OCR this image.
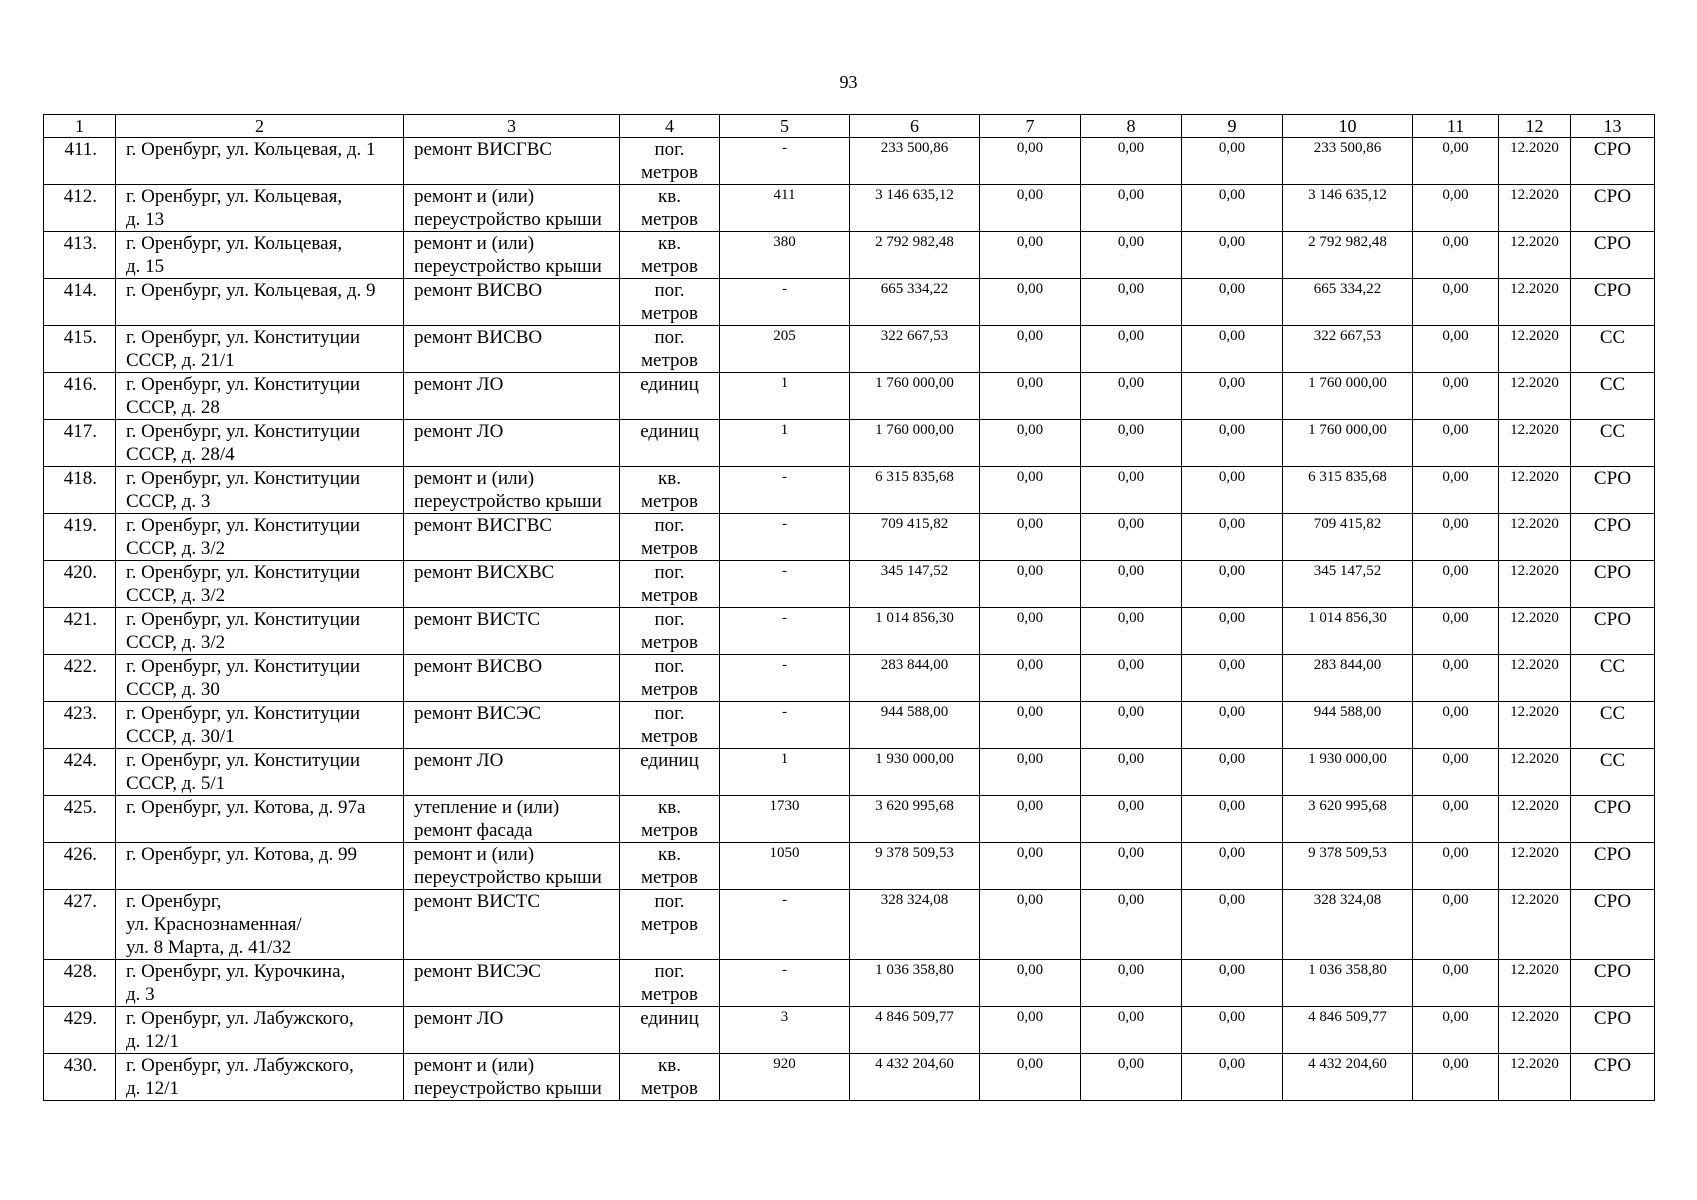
93
1	2	3	4	5	6	7	8	9	10	11	12	13
411.	г. Оренбург, ул. Кольцевая, д. 1	ремонт ВИСГВС	пог.
метров	-	233 500,86	0,00	0,00	0,00	233 500,86	0,00	12.2020	СРО
412.	г. Оренбург, ул. Кольцевая,
д. 13	ремонт и (или)
переустройство крыши	кв.
метров	411	3 146 635,12	0,00	0,00	0,00	3 146 635,12	0,00	12.2020	СРО
413.	г. Оренбург, ул. Кольцевая,
д. 15	ремонт и (или)
переустройство крыши	кв.
метров	380	2 792 982,48	0,00	0,00	0,00	2 792 982,48	0,00	12.2020	СРО
414.	г. Оренбург, ул. Кольцевая, д. 9	ремонт ВИСВО	пог.
метров	-	665 334,22	0,00	0,00	0,00	665 334,22	0,00	12.2020	СРО
415.	г. Оренбург, ул. Конституции
СССР, д. 21/1	ремонт ВИСВО	пог.
метров	205	322 667,53	0,00	0,00	0,00	322 667,53	0,00	12.2020	СС
416.	г. Оренбург, ул. Конституции
СССР, д. 28	ремонт ЛО	единиц	1	1 760 000,00	0,00	0,00	0,00	1 760 000,00	0,00	12.2020	СС
417.	г. Оренбург, ул. Конституции
СССР, д. 28/4	ремонт ЛО	единиц	1	1 760 000,00	0,00	0,00	0,00	1 760 000,00	0,00	12.2020	СС
418.	г. Оренбург, ул. Конституции
СССР, д. 3	ремонт и (или)
переустройство крыши	кв.
метров	-	6 315 835,68	0,00	0,00	0,00	6 315 835,68	0,00	12.2020	СРО
419.	г. Оренбург, ул. Конституции
СССР, д. 3/2	ремонт ВИСГВС	пог.
метров	-	709 415,82	0,00	0,00	0,00	709 415,82	0,00	12.2020	СРО
420.	г. Оренбург, ул. Конституции
СССР, д. 3/2	ремонт ВИСХВС	пог.
метров	-	345 147,52	0,00	0,00	0,00	345 147,52	0,00	12.2020	СРО
421.	г. Оренбург, ул. Конституции
СССР, д. 3/2	ремонт ВИСТС	пог.
метров	-	1 014 856,30	0,00	0,00	0,00	1 014 856,30	0,00	12.2020	СРО
422.	г. Оренбург, ул. Конституции
СССР, д. 30	ремонт ВИСВО	пог.
метров	-	283 844,00	0,00	0,00	0,00	283 844,00	0,00	12.2020	СС
423.	г. Оренбург, ул. Конституции
СССР, д. 30/1	ремонт ВИСЭС	пог.
метров	-	944 588,00	0,00	0,00	0,00	944 588,00	0,00	12.2020	СС
424.	г. Оренбург, ул. Конституции
СССР, д. 5/1	ремонт ЛО	единиц	1	1 930 000,00	0,00	0,00	0,00	1 930 000,00	0,00	12.2020	СС
425.	г. Оренбург, ул. Котова, д. 97а	утепление и (или)
ремонт фасада	кв.
метров	1730	3 620 995,68	0,00	0,00	0,00	3 620 995,68	0,00	12.2020	СРО
426.	г. Оренбург, ул. Котова, д. 99	ремонт и (или)
переустройство крыши	кв.
метров	1050	9 378 509,53	0,00	0,00	0,00	9 378 509,53	0,00	12.2020	СРО
427.	г. Оренбург,
ул. Краснознаменная/
ул. 8 Марта, д. 41/32	ремонт ВИСТС	пог.
метров	-	328 324,08	0,00	0,00	0,00	328 324,08	0,00	12.2020	СРО
428.	г. Оренбург, ул. Курочкина,
д. 3	ремонт ВИСЭС	пог.
метров	-	1 036 358,80	0,00	0,00	0,00	1 036 358,80	0,00	12.2020	СРО
429.	г. Оренбург, ул. Лабужского,
д. 12/1	ремонт ЛО	единиц	3	4 846 509,77	0,00	0,00	0,00	4 846 509,77	0,00	12.2020	СРО
430.	г. Оренбург, ул. Лабужского,
д. 12/1	ремонт и (или)
переустройство крыши	кв.
метров	920	4 432 204,60	0,00	0,00	0,00	4 432 204,60	0,00	12.2020	СРО
